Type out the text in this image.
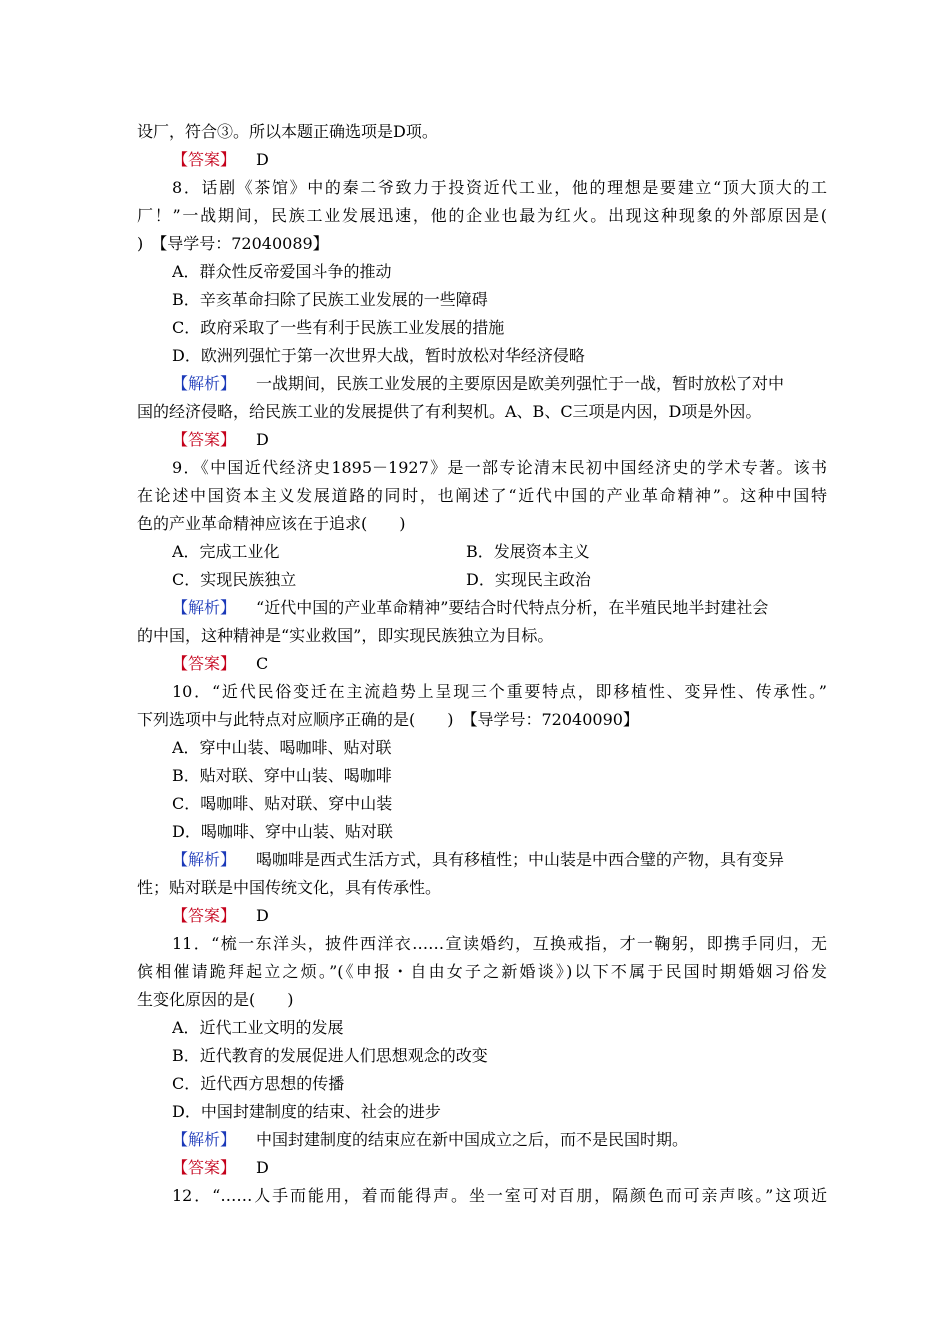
设厂，符合③。所以本题正确选项是D项。
【答案】 D
8．话剧《茶馆》中的秦二爷致力于投资近代工业，他的理想是要建立“顶大顶大的工
厂！”一战期间，民族工业发展迅速，他的企业也最为红火。出现这种现象的外部原因是(
)　【导学号：72040089】
A．群众性反帝爱国斗争的推动
B．辛亥革命扫除了民族工业发展的一些障碍
C．政府采取了一些有利于民族工业发展的措施
D．欧洲列强忙于第一次世界大战，暂时放松对华经济侵略
【解析】 一战期间，民族工业发展的主要原因是欧美列强忙于一战，暂时放松了对中
国的经济侵略，给民族工业的发展提供了有利契机。A、B、C三项是内因，D项是外因。
【答案】 D
9．《中国近代经济史1895－1927》是一部专论清末民初中国经济史的学术专著。该书
在论述中国资本主义发展道路的同时，也阐述了“近代中国的产业革命精神”。这种中国特
色的产业革命精神应该在于追求(　　)
A．完成工业化	B．发展资本主义
C．实现民族独立	D．实现民主政治
【解析】 “近代中国的产业革命精神”要结合时代特点分析，在半殖民地半封建社会
的中国，这种精神是“实业救国”，即实现民族独立为目标。
【答案】 C
10．“近代民俗变迁在主流趋势上呈现三个重要特点，即移植性、变异性、传承性。”
下列选项中与此特点对应顺序正确的是(　　)　【导学号：72040090】
A．穿中山装、喝咖啡、贴对联
B．贴对联、穿中山装、喝咖啡
C．喝咖啡、贴对联、穿中山装
D．喝咖啡、穿中山装、贴对联
【解析】 喝咖啡是西式生活方式，具有移植性；中山装是中西合璧的产物，具有变异
性；贴对联是中国传统文化，具有传承性。
【答案】 D
11．“梳一东洋头，披件西洋衣……宣读婚约，互换戒指，才一鞠躬，即携手同归，无
傧相催请跪拜起立之烦。”(《申报・自由女子之新婚谈》)以下不属于民国时期婚姻习俗发
生变化原因的是(　　)
A．近代工业文明的发展
B．近代教育的发展促进人们思想观念的改变
C．近代西方思想的传播
D．中国封建制度的结束、社会的进步
【解析】 中国封建制度的结束应在新中国成立之后，而不是民国时期。
【答案】 D
12．“……人手而能用，着而能得声。坐一室可对百朋，隔颜色而可亲声咳。”这项近
